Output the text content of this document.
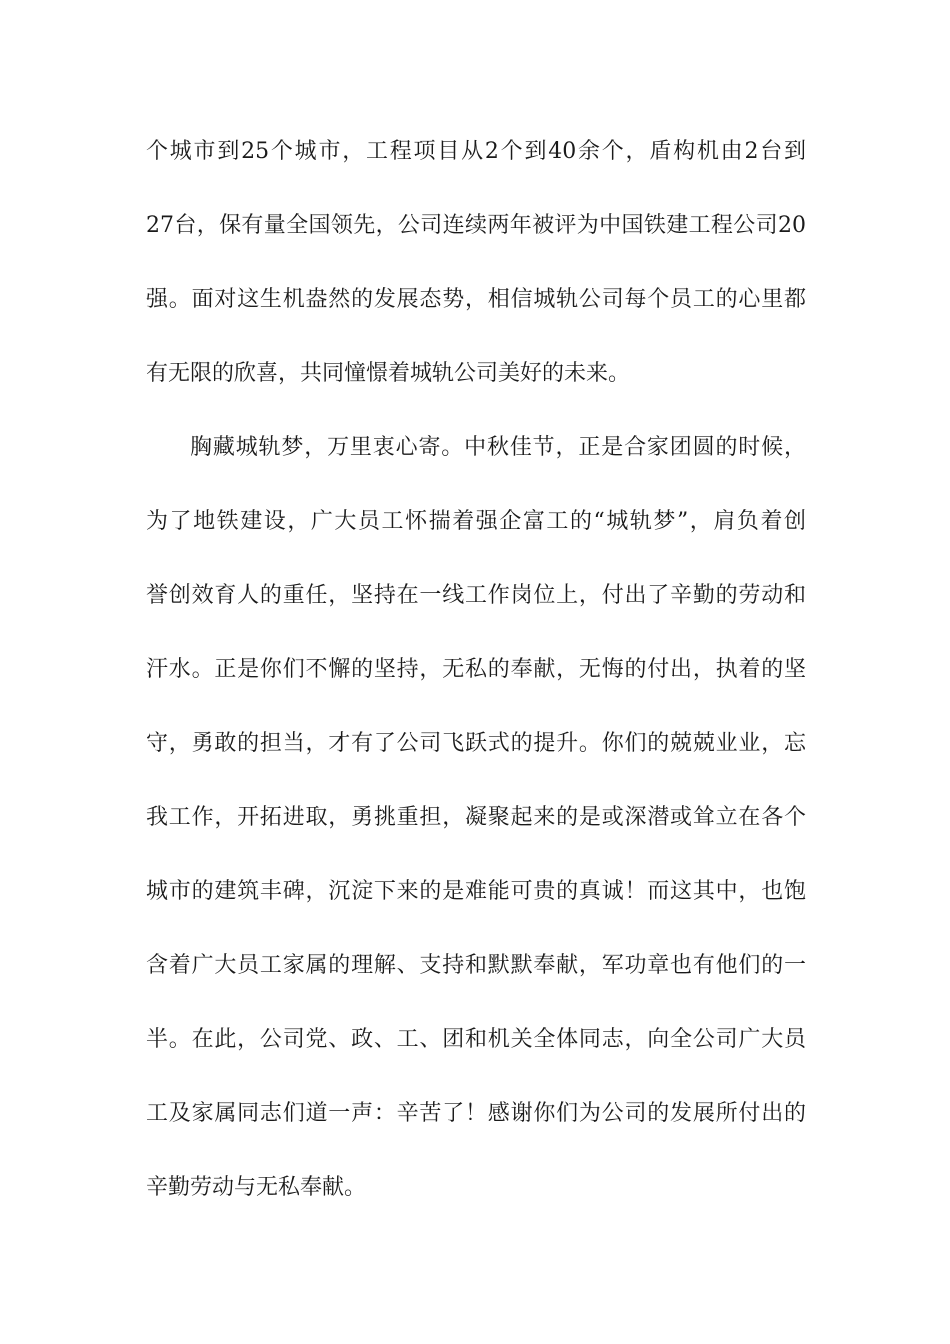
个城市到25个城市，工程项目从2个到40余个，盾构机由2台到
27台，保有量全国领先，公司连续两年被评为中国铁建工程公司20
强。面对这生机盎然的发展态势，相信城轨公司每个员工的心里都
有无限的欣喜，共同憧憬着城轨公司美好的未来。
胸藏城轨梦，万里衷心寄。中秋佳节，正是合家团圆的时候，
为了地铁建设，广大员工怀揣着强企富工的“城轨梦”，肩负着创
誉创效育人的重任，坚持在一线工作岗位上，付出了辛勤的劳动和
汗水。正是你们不懈的坚持，无私的奉献，无悔的付出，执着的坚
守，勇敢的担当，才有了公司飞跃式的提升。你们的兢兢业业，忘
我工作，开拓进取，勇挑重担，凝聚起来的是或深潜或耸立在各个
城市的建筑丰碑，沉淀下来的是难能可贵的真诚！而这其中，也饱
含着广大员工家属的理解、支持和默默奉献，军功章也有他们的一
半。在此，公司党、政、工、团和机关全体同志，向全公司广大员
工及家属同志们道一声：辛苦了！感谢你们为公司的发展所付出的
辛勤劳动与无私奉献。
